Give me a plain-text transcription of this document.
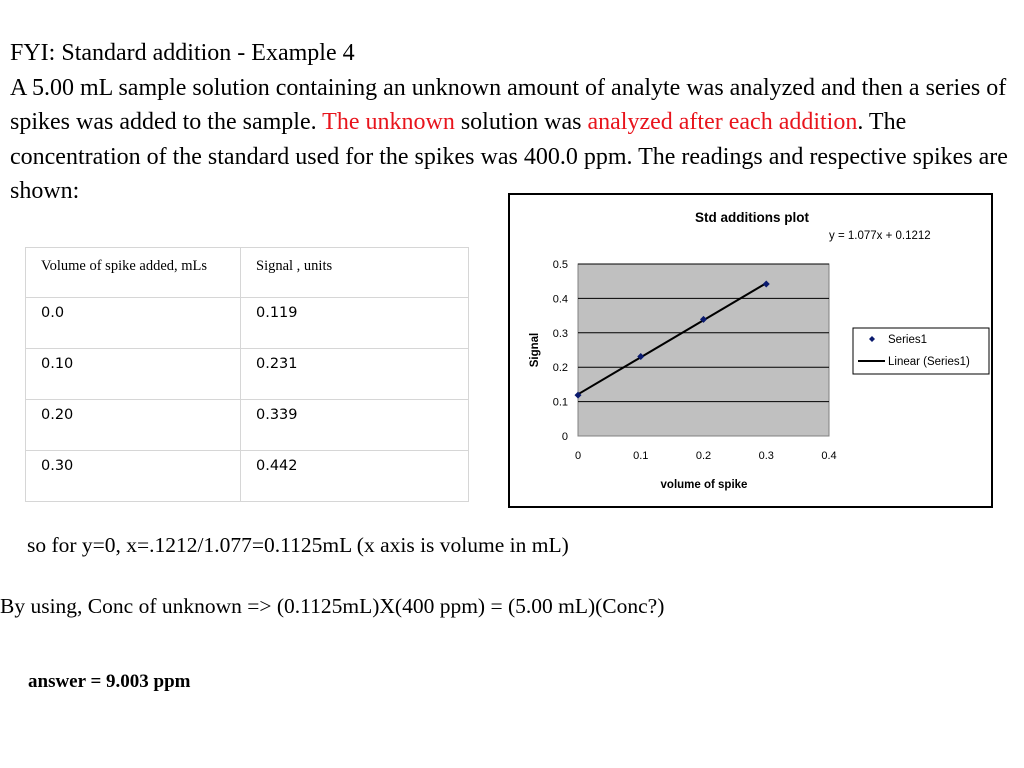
FYI: Standard addition - Example 4

A 5.00 mL sample solution containing an unknown amount of analyte was analyzed and then a series of spikes was added to the sample. The unknown solution was analyzed after each addition. The concentration of the standard used for the spikes was 400.0 ppm. The readings and respective spikes are shown:

Volume of spike added, mLs	Signal , units
0.0	0.119
0.10	0.231
0.20	0.339
0.30	0.442
Std additions plot
y = 1.077x + 0.1212
0
0.1
0.2
0.3
0.4
0.5
0	0.1	0.2	0.3	0.4
Signal
volume of spike
Series1
Linear (Series1)
so for y=0, x=.1212/1.077=0.1125mL (x axis is volume in mL)
By using, Conc of unknown => (0.1125mL)X(400 ppm) = (5.00 mL)(Conc?)
answer = 9.003 ppm
